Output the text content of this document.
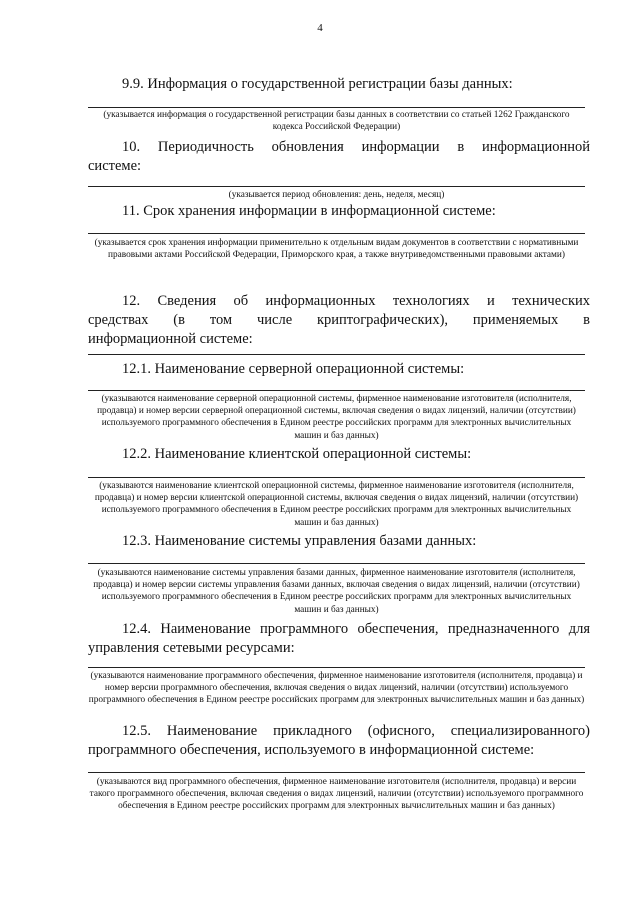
4
9.9. Информация о государственной регистрации базы данных:
(указывается информация о государственной регистрации базы данных в соответствии со статьей 1262 Гражданского кодекса Российской Федерации)
10. Периодичность обновления информации в информационной
системе:
(указывается период обновления: день, неделя, месяц)
11. Срок хранения информации в информационной системе:
(указывается срок хранения информации применительно к отдельным видам документов в соответствии с нормативными правовыми актами Российской Федерации, Приморского края, а также внутриведомственными правовыми актами)
12. Сведения об информационных технологиях и технических
средствах (в том числе криптографических), применяемых в
информационной системе:
12.1. Наименование серверной операционной системы:
(указываются наименование серверной операционной системы, фирменное наименование изготовителя (исполнителя, продавца) и номер версии серверной операционной системы, включая сведения о видах лицензий, наличии (отсутствии) используемого программного обеспечения в Едином реестре российских программ для электронных вычислительных машин и баз данных)
12.2. Наименование клиентской операционной системы:
(указываются наименование клиентской операционной системы, фирменное наименование изготовителя (исполнителя, продавца) и номер версии клиентской операционной системы, включая сведения о видах лицензий, наличии (отсутствии) используемого программного обеспечения в Едином реестре российских программ для электронных вычислительных машин и баз данных)
12.3. Наименование системы управления базами данных:
(указываются наименование системы управления базами данных, фирменное наименование изготовителя (исполнителя, продавца) и номер версии системы управления базами данных, включая сведения о видах лицензий, наличии (отсутствии) используемого программного обеспечения в Едином реестре российских программ для электронных вычислительных машин и баз данных)
12.4. Наименование программного обеспечения, предназначенного для
управления сетевыми ресурсами:
(указываются наименование программного обеспечения, фирменное наименование изготовителя (исполнителя, продавца) и номер версии программного обеспечения, включая сведения о видах лицензий, наличии (отсутствии) используемого программного обеспечения в Едином реестре российских программ для электронных вычислительных машин и баз данных)
12.5. Наименование прикладного (офисного, специализированного)
программного обеспечения, используемого в информационной системе:
(указываются вид программного обеспечения, фирменное наименование изготовителя (исполнителя, продавца) и версии такого программного обеспечения, включая сведения о видах лицензий, наличии (отсутствии) используемого программного обеспечения в Едином реестре российских программ для электронных вычислительных машин и баз данных)
